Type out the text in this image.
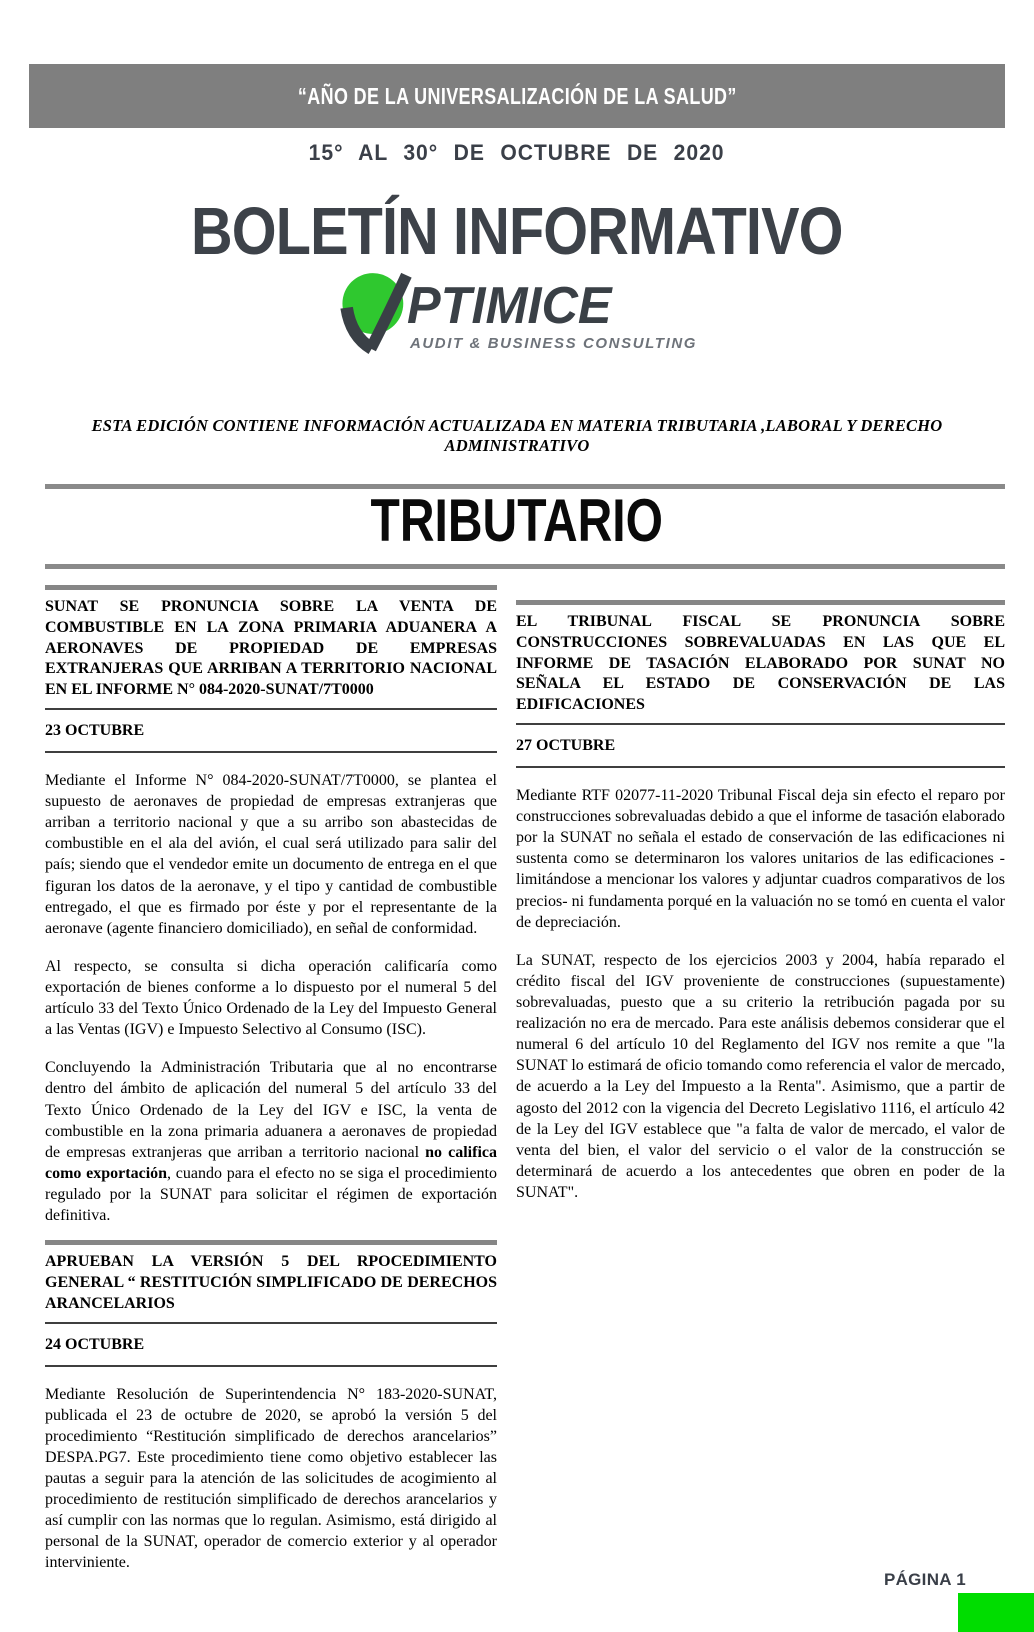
“AÑO DE LA UNIVERSALIZACIÓN DE LA SALUD”
15° AL 30° DE OCTUBRE DE 2020
BOLETÍN INFORMATIVO
PTIMICE
AUDIT & BUSINESS CONSULTING
ESTA EDICIÓN CONTIENE INFORMACIÓN ACTUALIZADA EN MATERIA TRIBUTARIA ,LABORAL Y DERECHO ADMINISTRATIVO
TRIBUTARIO
SUNAT SE PRONUNCIA SOBRE LA VENTA DE COMBUSTIBLE EN LA ZONA PRIMARIA ADUANERA A AERONAVES DE PROPIEDAD DE EMPRESAS EXTRANJERAS QUE ARRIBAN A TERRITORIO NACIONAL EN EL INFORME N° 084-2020-SUNAT/7T0000
23 OCTUBRE

Mediante el Informe N° 084-2020-SUNAT/7T0000, se plantea el supuesto de aeronaves de propiedad de empresas extranjeras que arriban a territorio nacional y que a su arribo son abastecidas de combustible en el ala del avión, el cual será utilizado para salir del país; siendo que el vendedor emite un documento de entrega en el que figuran los datos de la aeronave, y el tipo y cantidad de combustible entregado, el que es firmado por éste y por el representante de la aeronave (agente financiero domiciliado), en señal de conformidad.

Al respecto, se consulta si dicha operación calificaría como exportación de bienes conforme a lo dispuesto por el numeral 5 del artículo 33 del Texto Único Ordenado de la Ley del Impuesto General a las Ventas (IGV) e Impuesto Selectivo al Consumo (ISC).

Concluyendo la Administración Tributaria que al no encontrarse dentro del ámbito de aplicación del numeral 5 del artículo 33 del Texto Único Ordenado de la Ley del IGV e ISC, la venta de combustible en la zona primaria aduanera a aeronaves de propiedad de empresas extranjeras que arriban a territorio nacional no califica como exportación, cuando para el efecto no se siga el procedimiento regulado por la SUNAT para solicitar el régimen de exportación definitiva.

APRUEBAN LA VERSIÓN 5 DEL RPOCEDIMIENTO GENERAL “ RESTITUCIÓN SIMPLIFICADO DE DERECHOS ARANCELARIOS
24 OCTUBRE

Mediante Resolución de Superintendencia N° 183-2020-SUNAT, publicada el 23 de octubre de 2020, se aprobó la versión 5 del procedimiento “Restitución simplificado de derechos arancelarios” DESPA.PG7. Este procedimiento tiene como objetivo establecer las pautas a seguir para la atención de las solicitudes de acogimiento al procedimiento de restitución simplificado de derechos arancelarios y así cumplir con las normas que lo regulan. Asimismo, está dirigido al personal de la SUNAT, operador de comercio exterior y al operador interviniente.

EL TRIBUNAL FISCAL SE PRONUNCIA SOBRE CONSTRUCCIONES SOBREVALUADAS EN LAS QUE EL INFORME DE TASACIÓN ELABORADO POR SUNAT NO SEÑALA EL ESTADO DE CONSERVACIÓN DE LAS EDIFICACIONES
27 OCTUBRE

Mediante RTF 02077-11-2020 Tribunal Fiscal deja sin efecto el reparo por construcciones sobrevaluadas debido a que el informe de tasación elaborado por la SUNAT no señala el estado de conservación de las edificaciones ni sustenta como se determinaron los valores unitarios de las edificaciones -limitándose a mencionar los valores y adjuntar cuadros comparativos de los precios- ni fundamenta porqué en la valuación no se tomó en cuenta el valor de depreciación.

La SUNAT, respecto de los ejercicios 2003 y 2004, había reparado el crédito fiscal del IGV proveniente de construcciones (supuestamente) sobrevaluadas, puesto que a su criterio la retribución pagada por su realización no era de mercado. Para este análisis debemos considerar que el numeral 6 del artículo 10 del Reglamento del IGV nos remite a que "la SUNAT lo estimará de oficio tomando como referencia el valor de mercado, de acuerdo a la Ley del Impuesto a la Renta". Asimismo, que a partir de agosto del 2012 con la vigencia del Decreto Legislativo 1116, el artículo 42 de la Ley del IGV establece que "a falta de valor de mercado, el valor de venta del bien, el valor del servicio o el valor de la construcción se determinará de acuerdo a los antecedentes que obren en poder de la SUNAT".

PÁGINA 1
